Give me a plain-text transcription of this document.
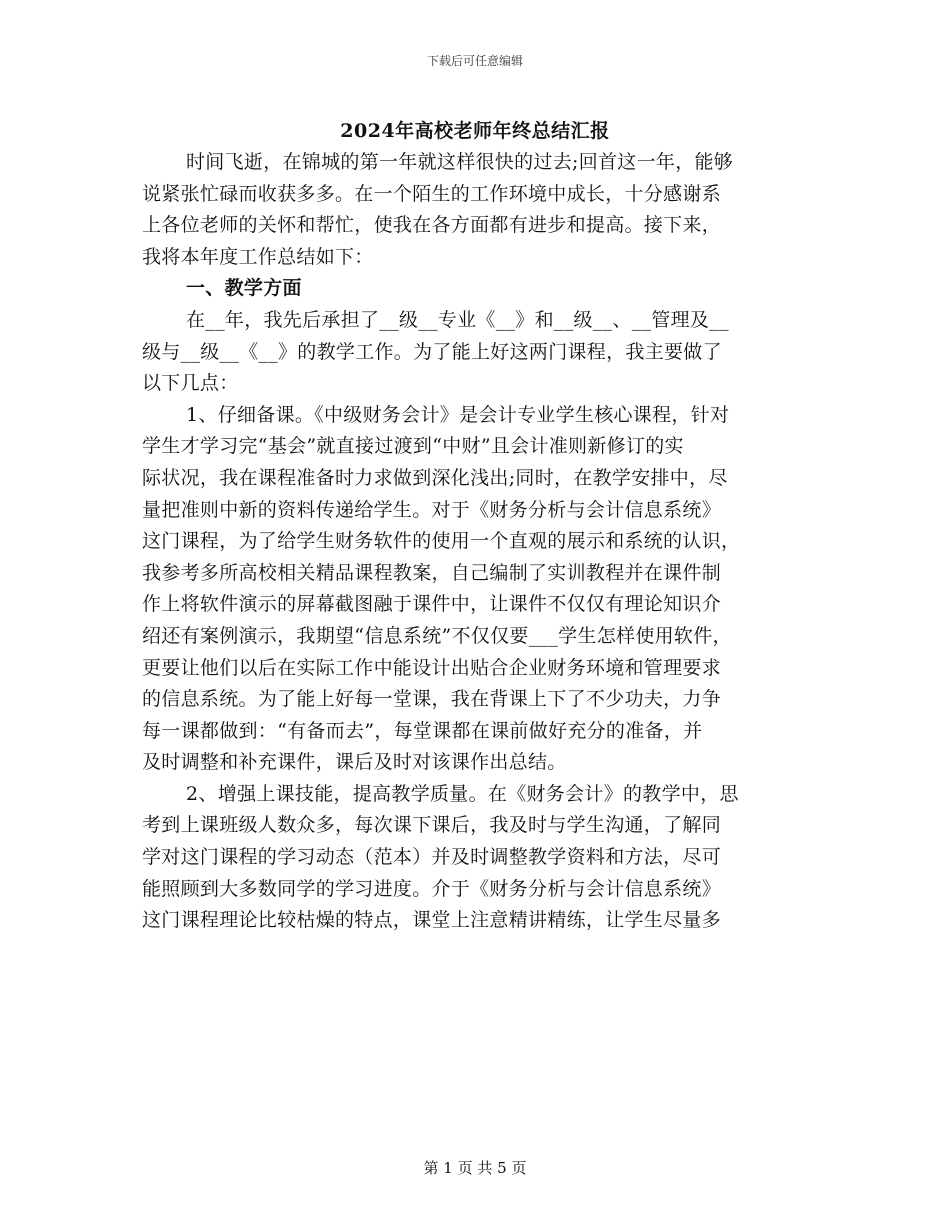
下载后可任意编辑
2024年高校老师年终总结汇报
时间飞逝，在锦城的第一年就这样很快的过去;回首这一年，能够
说紧张忙碌而收获多多。在一个陌生的工作环境中成长，十分感谢系
上各位老师的关怀和帮忙，使我在各方面都有进步和提高。接下来，
我将本年度工作总结如下：
一、教学方面
在__年，我先后承担了__级__专业《__》和__级__、__管理及__
级与__级__《__》的教学工作。为了能上好这两门课程，我主要做了
以下几点：
1、仔细备课。《中级财务会计》是会计专业学生核心课程，针对
学生才学习完“基会”就直接过渡到“中财”且会计准则新修订的实
际状况，我在课程准备时力求做到深化浅出;同时，在教学安排中，尽
量把准则中新的资料传递给学生。对于《财务分析与会计信息系统》
这门课程，为了给学生财务软件的使用一个直观的展示和系统的认识，
我参考多所高校相关精品课程教案，自己编制了实训教程并在课件制
作上将软件演示的屏幕截图融于课件中，让课件不仅仅有理论知识介
绍还有案例演示，我期望“信息系统”不仅仅要___学生怎样使用软件，
更要让他们以后在实际工作中能设计出贴合企业财务环境和管理要求
的信息系统。为了能上好每一堂课，我在背课上下了不少功夫，力争
每一课都做到：“有备而去”，每堂课都在课前做好充分的准备，并
及时调整和补充课件，课后及时对该课作出总结。
2、增强上课技能，提高教学质量。在《财务会计》的教学中，思
考到上课班级人数众多，每次课下课后，我及时与学生沟通，了解同
学对这门课程的学习动态（范本）并及时调整教学资料和方法，尽可
能照顾到大多数同学的学习进度。介于《财务分析与会计信息系统》
这门课程理论比较枯燥的特点，课堂上注意精讲精练，让学生尽量多
第 1 页 共 5 页
